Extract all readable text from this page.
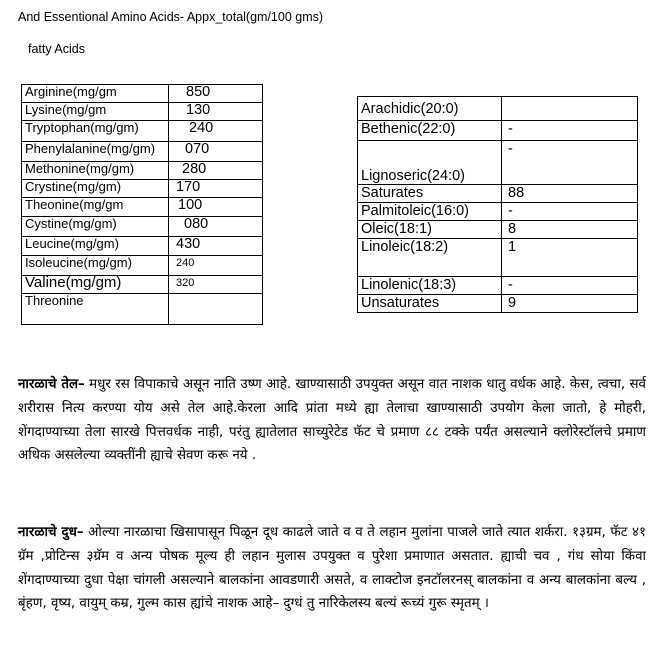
And Essentional Amino Acids- Appx_total(gm/100 gms)
fatty Acids
Arginine(mg/gm	850
Lysine(mg/gm	130
Tryptophan(mg/gm)	240
Phenylalanine(mg/gm)	070
Methonine(mg/gm)	280
Crystine(mg/gm)	170
Theonine(mg/gm	100
Cystine(mg/gm)	080
Leucine(mg/gm)	430
Isoleucine(mg/gm)	240
Valine(mg/gm)	320
Threonine	
Arachidic(20:0)	
Bethenic(22:0)	-
Lignoseric(24:0)	-
Saturates	88
Palmitoleic(16:0)	-
Oleic(18:1)	8
Linoleic(18:2)	1
Linolenic(18:3)	-
Unsaturates	9
नारळाचे तेल– मधुर रस विपाकाचे असून नाति उष्ण आहे. खाण्यासाठी उपयुक्त असून वात नाशक धातु वर्धक आहे. केस, त्वचा, सर्व शरीरास नित्य करण्या योय असे तेल आहे.केरला आदि प्रांता मध्ये ह्या तेलाचा खाण्यासाठी उपयोग केला जातो, हे मोहरी, शेंगदाण्याच्या तेला सारखे पित्तवर्धक नाही, परंतु ह्यातेलात साच्युरेटेड फॅट चे प्रमाण ८८ टक्के पर्यंत असल्याने क्लोरेस्टॉलचे प्रमाण अधिक असलेल्या व्यक्तींनी ह्याचे सेवण करू नये .
नारळाचे दुध– ओल्या नारळाचा खिसापासून पिळून दूध काढले जाते व व ते लहान मुलांना पाजले जाते त्यात शर्करा. १३ग्रम, फॅट ४१ ग्रॅम ,प्रोटिन्स ३ग्रॅम व अन्य पोषक मूल्य ही लहान मुलास उपयुक्त व पुरेशा प्रमाणात असतात. ह्याची चव , गंध सोया किंवा शेंगदाण्याच्या दुधा पेक्षा चांगली असल्याने बालकांना आवडणारी असते, व लाक्टोज इनटॉलरनस् बालकांना व अन्य बालकांना बल्य , बृंहण, वृष्य, वायुम् कम्र, गुल्म कास ह्यांचे नाशक आहे– दुग्धं तु नारिकेलस्य बल्यं रूच्यं गुरू स्मृतम् ।
